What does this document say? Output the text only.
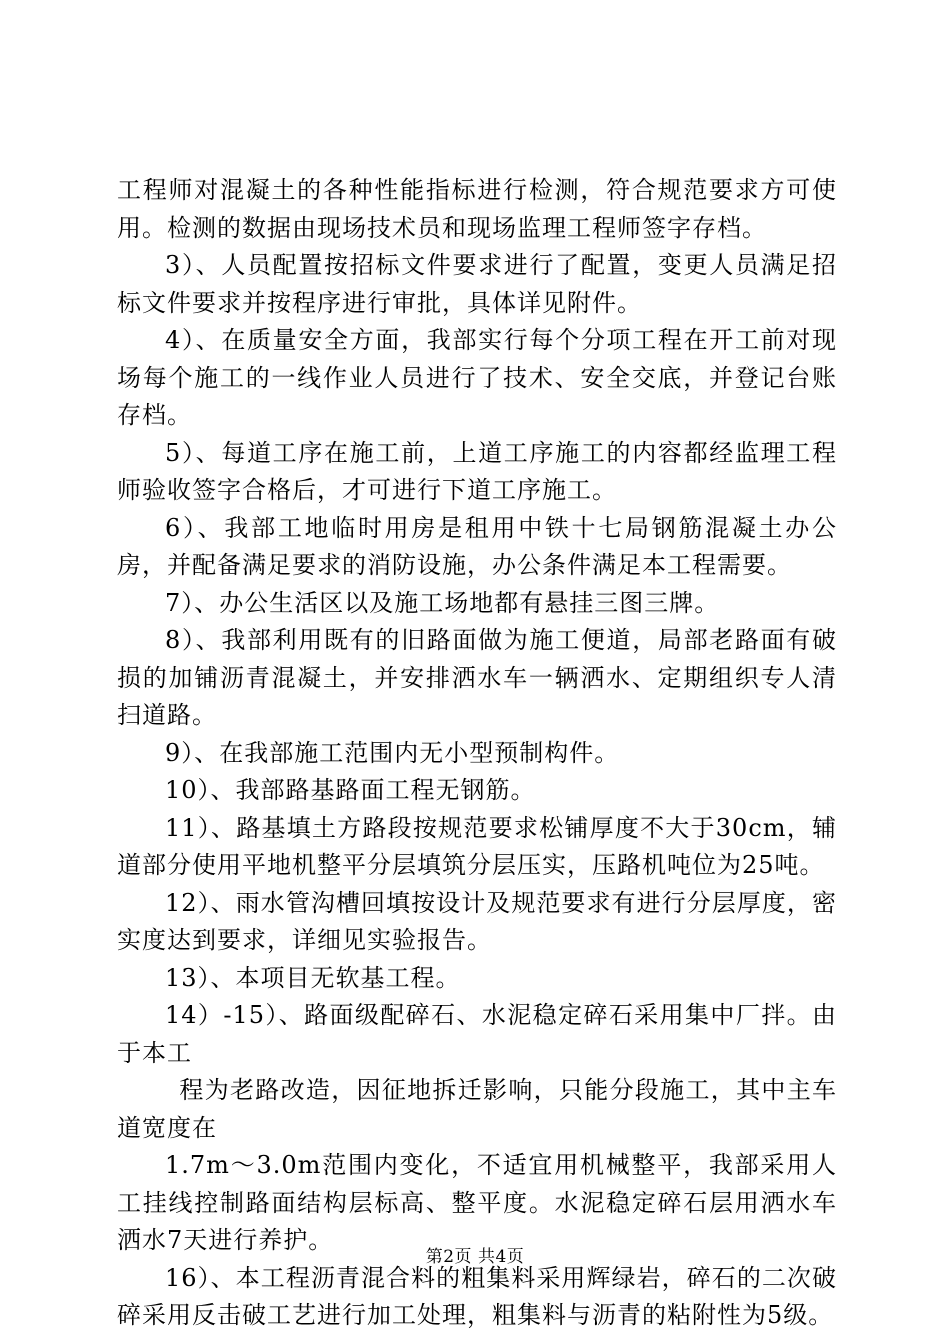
工程师对混凝土的各种性能指标进行检测，符合规范要求方可使用。检测的数据由现场技术员和现场监理工程师签字存档。

3）、人员配置按招标文件要求进行了配置，变更人员满足招标文件要求并按程序进行审批，具体详见附件。

4）、在质量安全方面，我部实行每个分项工程在开工前对现场每个施工的一线作业人员进行了技术、安全交底，并登记台账存档。

5）、每道工序在施工前，上道工序施工的内容都经监理工程师验收签字合格后，才可进行下道工序施工。

6）、我部工地临时用房是租用中铁十七局钢筋混凝土办公房，并配备满足要求的消防设施，办公条件满足本工程需要。

7）、办公生活区以及施工场地都有悬挂三图三牌。

8）、我部利用既有的旧路面做为施工便道，局部老路面有破损的加铺沥青混凝土，并安排洒水车一辆洒水、定期组织专人清扫道路。

9）、在我部施工范围内无小型预制构件。

10）、我部路基路面工程无钢筋。

11）、路基填土方路段按规范要求松铺厚度不大于30cm，辅道部分使用平地机整平分层填筑分层压实，压路机吨位为25吨。

12）、雨水管沟槽回填按设计及规范要求有进行分层厚度，密实度达到要求，详细见实验报告。

13）、本项目无软基工程。

14）-15）、路面级配碎石、水泥稳定碎石采用集中厂拌。由于本工

程为老路改造，因征地拆迁影响，只能分段施工，其中主车道宽度在

1.7m～3.0m范围内变化，不适宜用机械整平，我部采用人工挂线控制路面结构层标高、整平度。水泥稳定碎石层用洒水车洒水7天进行养护。

16）、本工程沥青混合料的粗集料采用辉绿岩，碎石的二次破碎采用反击破工艺进行加工处理，粗集料与沥青的粘附性为5级。

第2页 共4页
